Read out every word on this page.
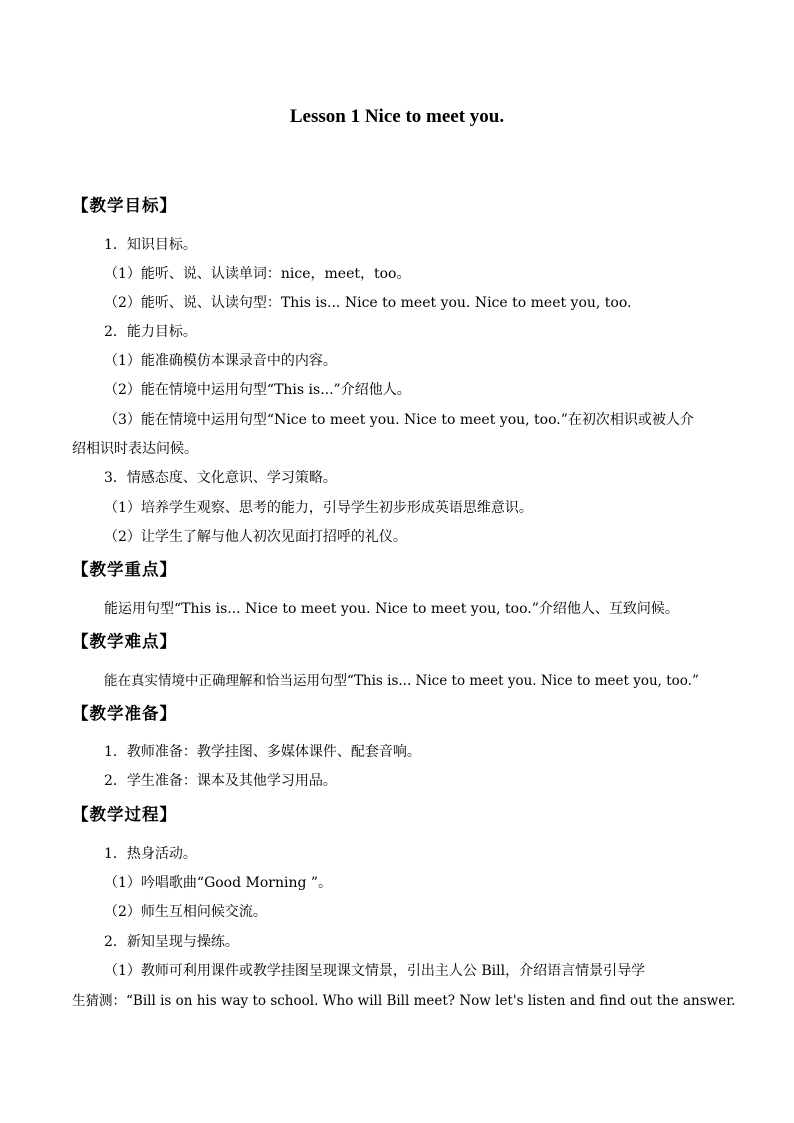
Lesson 1 Nice to meet you.
【教学目标】
1．知识目标。
（1）能听、说、认读单词：nice，meet，too。
（2）能听、说、认读句型：This is... Nice to meet you. Nice to meet you, too.
2．能力目标。
（1）能准确模仿本课录音中的内容。
（2）能在情境中运用句型“This is...”介绍他人。
（3）能在情境中运用句型“Nice to meet you. Nice to meet you, too.”在初次相识或被人介
绍相识时表达问候。
3．情感态度、文化意识、学习策略。
（1）培养学生观察、思考的能力，引导学生初步形成英语思维意识。
（2）让学生了解与他人初次见面打招呼的礼仪。
【教学重点】
能运用句型“This is... Nice to meet you. Nice to meet you, too.”介绍他人、互致问候。
【教学难点】
能在真实情境中正确理解和恰当运用句型“This is... Nice to meet you. Nice to meet you, too.”
【教学准备】
1．教师准备：教学挂图、多媒体课件、配套音响。
2．学生准备：课本及其他学习用品。
【教学过程】
1．热身活动。
（1）吟唱歌曲“Good Morning ”。
（2）师生互相问候交流。
2．新知呈现与操练。
（1）教师可利用课件或教学挂图呈现课文情景，引出主人公 Bill，介绍语言情景引导学
生猜测：“Bill is on his way to school. Who will Bill meet? Now let's listen and find out the answer.
